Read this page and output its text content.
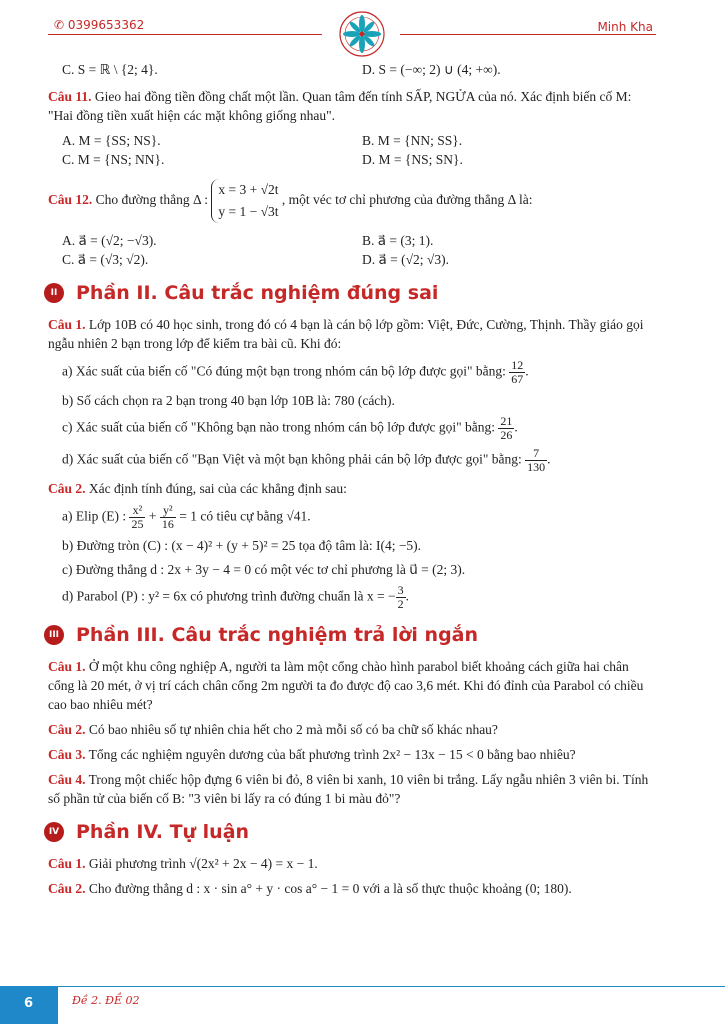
✆ 0399653362	Minh Kha
C. S = ℝ \ {2; 4}.	D. S = (−∞; 2) ∪ (4; +∞).

Câu 11. Gieo hai đồng tiền đồng chất một lần. Quan tâm đến tính SẤP, NGỬA của nó. Xác định biến cố M: "Hai đồng tiền xuất hiện các mặt không giống nhau".

A. M = {SS; NS}.	B. M = {NN; SS}.
C. M = {NS; NN}.	D. M = {NS; SN}.

Câu 12. Cho đường thẳng Δ :
x = 3 + √2t
y = 1 − √3t
, một véc tơ chỉ phương của đường thẳng Δ là:

A. a⃗ = (√2; −√3).	B. a⃗ = (3; 1).
C. a⃗ = (√3; √2).	D. a⃗ = (√2; √3).
II Phần II. Câu trắc nghiệm đúng sai

Câu 1. Lớp 10B có 40 học sinh, trong đó có 4 bạn là cán bộ lớp gồm: Việt, Đức, Cường, Thịnh. Thầy giáo gọi ngẫu nhiên 2 bạn trong lớp để kiểm tra bài cũ. Khi đó:

a) Xác suất của biến cố "Có đúng một bạn trong nhóm cán bộ lớp được gọi" bằng: $\frac{12}{67}$ .
b) Số cách chọn ra 2 bạn trong 40 bạn lớp 10B là: 780 (cách).
c) Xác suất của biến cố "Không bạn nào trong nhóm cán bộ lớp được gọi" bằng: $\frac{21}{26}$ .
d) Xác suất của biến cố "Bạn Việt và một bạn không phải cán bộ lớp được gọi" bằng: $\frac{7}{130}$ .

Câu 2. Xác định tính đúng, sai của các khẳng định sau:

a) Elip (E) : $\frac{\text{x²}}{25} + \frac{\text{y²}}{16} = 1$ có tiêu cự bằng √41.
b) Đường tròn (C) : (x − 4)² + (y + 5)² = 25 tọa độ tâm là: I(4; −5).
c) Đường thẳng d : 2x + 3y − 4 = 0 có một véc tơ chỉ phương là u⃗ = (2; 3).
d) Parabol (P) : y² = 6x có phương trình đường chuẩn là x = − $\frac{3}{2}$ .
III Phần III. Câu trắc nghiệm trả lời ngắn

Câu 1. Ở một khu công nghiệp A, người ta làm một cổng chào hình parabol biết khoảng cách giữa hai chân cổng là 20 mét, ở vị trí cách chân cổng 2m người ta đo được độ cao 3,6 mét. Khi đó đỉnh của Parabol có chiều cao bao nhiêu mét?

Câu 2. Có bao nhiêu số tự nhiên chia hết cho 2 mà mỗi số có ba chữ số khác nhau?

Câu 3. Tổng các nghiệm nguyên dương của bất phương trình 2x² − 13x − 15 < 0 bằng bao nhiêu?

Câu 4. Trong một chiếc hộp đựng 6 viên bi đỏ, 8 viên bi xanh, 10 viên bi trắng. Lấy ngẫu nhiên 3 viên bi. Tính số phần tử của biến cố B: "3 viên bi lấy ra có đúng 1 bi màu đỏ"?

IV Phần IV. Tự luận

Câu 1. Giải phương trình √(2x² + 2x − 4) = x − 1.

Câu 2. Cho đường thẳng d : x · sin a° + y · cos a° − 1 = 0 với a là số thực thuộc khoảng (0; 180).

6	Đề 2. ĐỀ 02
